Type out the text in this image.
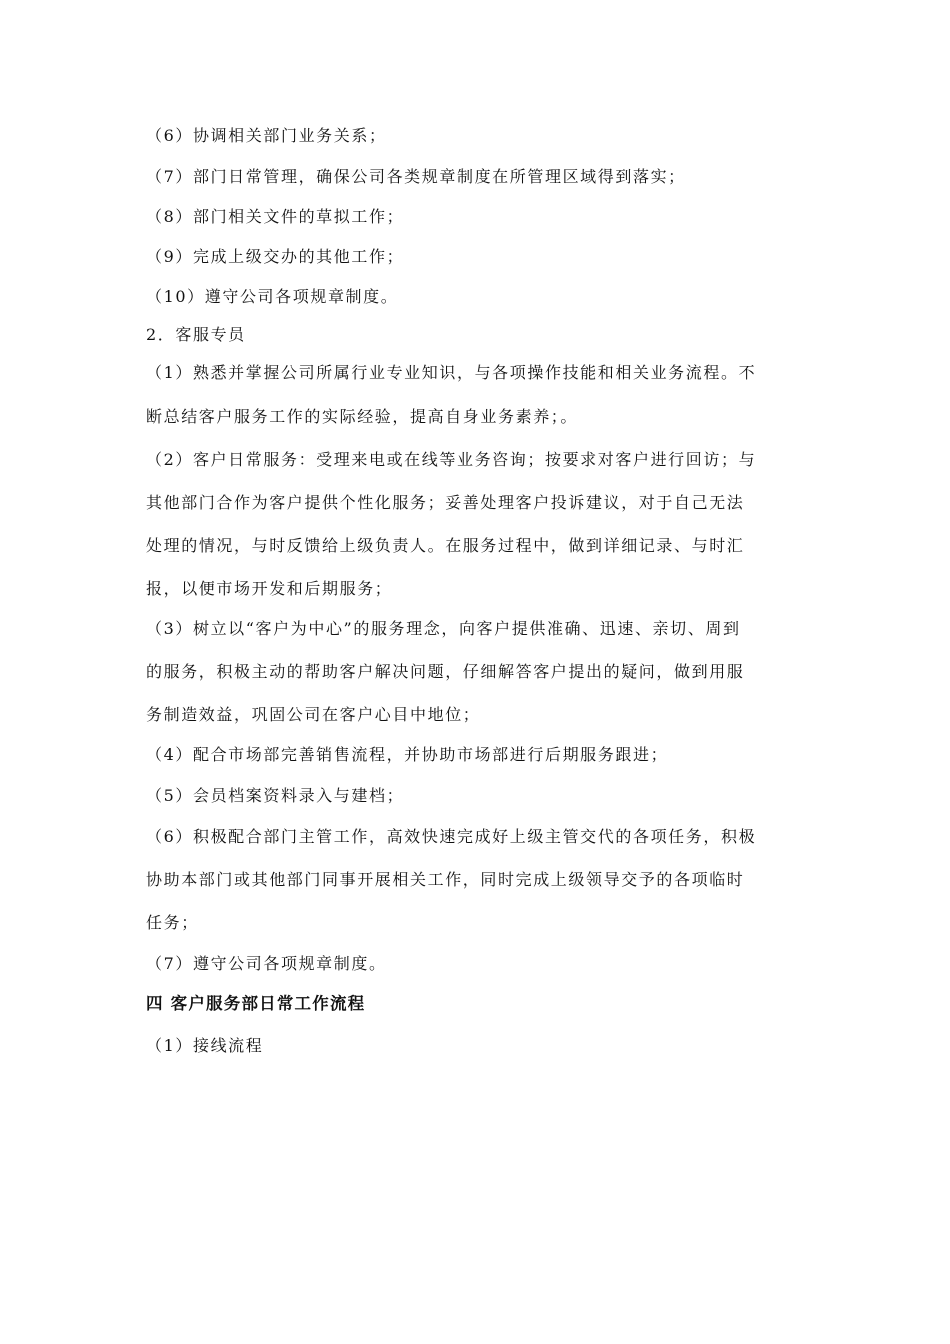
（6）协调相关部门业务关系；
（7）部门日常管理，确保公司各类规章制度在所管理区域得到落实；
（8）部门相关文件的草拟工作；
（9）完成上级交办的其他工作；
（10）遵守公司各项规章制度。
2．客服专员
（1）熟悉并掌握公司所属行业专业知识，与各项操作技能和相关业务流程。不
断总结客户服务工作的实际经验，提高自身业务素养；。
（2）客户日常服务：受理来电或在线等业务咨询；按要求对客户进行回访；与
其他部门合作为客户提供个性化服务；妥善处理客户投诉建议，对于自己无法
处理的情况，与时反馈给上级负责人。在服务过程中，做到详细记录、与时汇
报，以便市场开发和后期服务；
（3）树立以“客户为中心”的服务理念，向客户提供准确、迅速、亲切、周到
的服务，积极主动的帮助客户解决问题，仔细解答客户提出的疑问，做到用服
务制造效益，巩固公司在客户心目中地位；
（4）配合市场部完善销售流程，并协助市场部进行后期服务跟进；
（5）会员档案资料录入与建档；
（6）积极配合部门主管工作，高效快速完成好上级主管交代的各项任务，积极
协助本部门或其他部门同事开展相关工作，同时完成上级领导交予的各项临时
任务；
（7）遵守公司各项规章制度。
四 客户服务部日常工作流程
（1）接线流程
